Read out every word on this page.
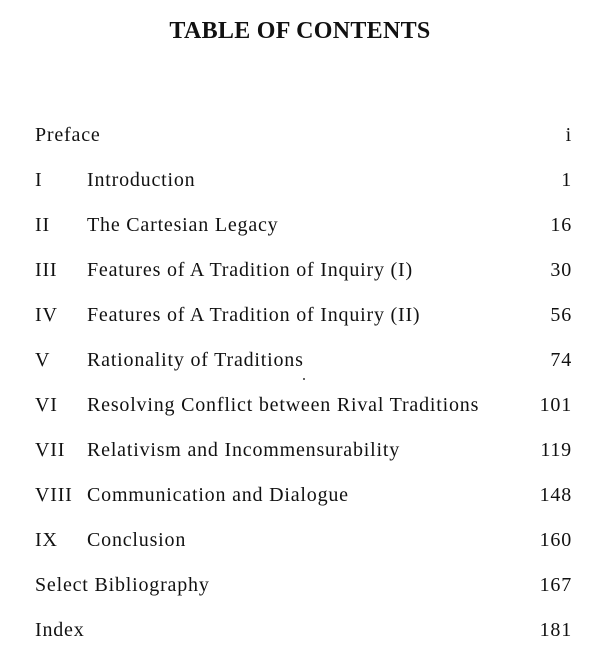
TABLE OF CONTENTS
Preface	i
I Introduction	1
II The Cartesian Legacy	16
III Features of A Tradition of Inquiry (I)	30
IV Features of A Tradition of Inquiry (II)	56
V Rationality of Traditions	74
VI Resolving Conflict between Rival Traditions	101
VII Relativism and Incommensurability	119
VIII Communication and Dialogue	148
IX Conclusion	160
Select Bibliography	167
Index	181
